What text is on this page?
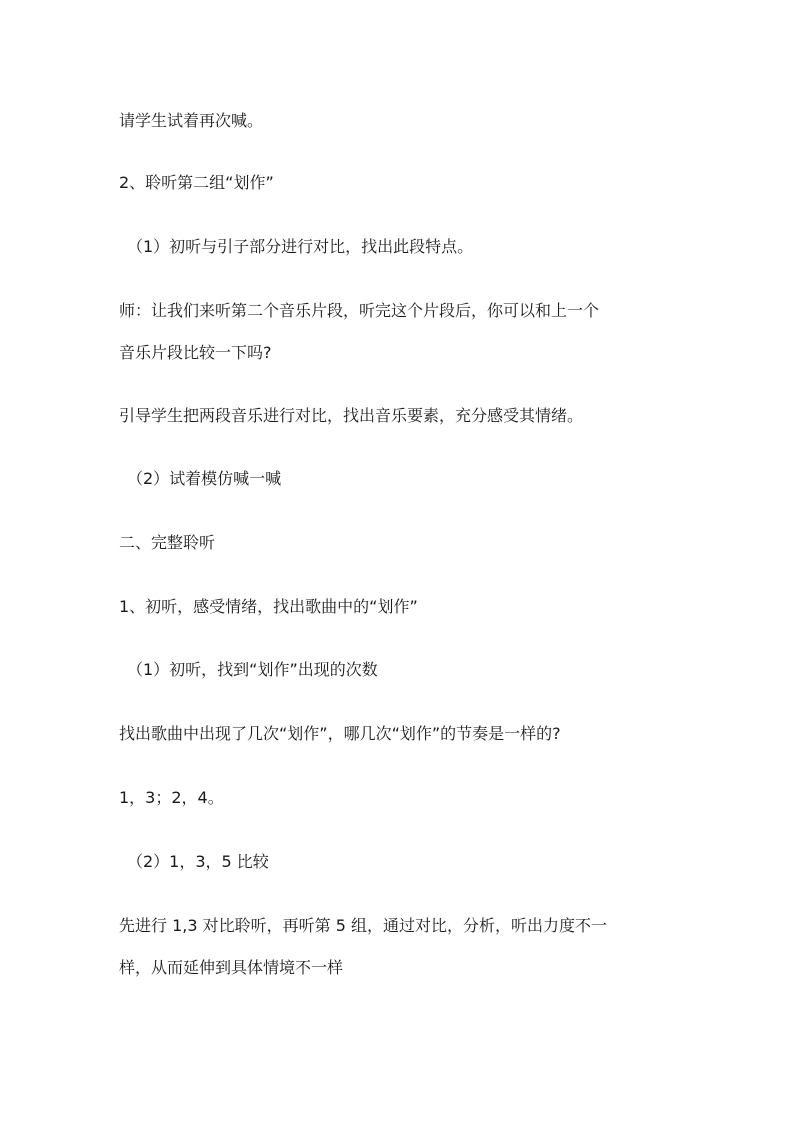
请学生试着再次喊。
2、聆听第二组“划作”
（1）初听与引子部分进行对比，找出此段特点。
师：让我们来听第二个音乐片段，听完这个片段后，你可以和上一个
音乐片段比较一下吗?
引导学生把两段音乐进行对比，找出音乐要素，充分感受其情绪。
（2）试着模仿喊一喊
二、完整聆听
1、初听，感受情绪，找出歌曲中的“划作”
（1）初听，找到“划作”出现的次数
找出歌曲中出现了几次“划作”，哪几次“划作”的节奏是一样的?
1，3；2，4。
（2）1，3，5 比较
先进行 1,3 对比聆听，再听第 5 组，通过对比，分析，听出力度不一
样，从而延伸到具体情境不一样
